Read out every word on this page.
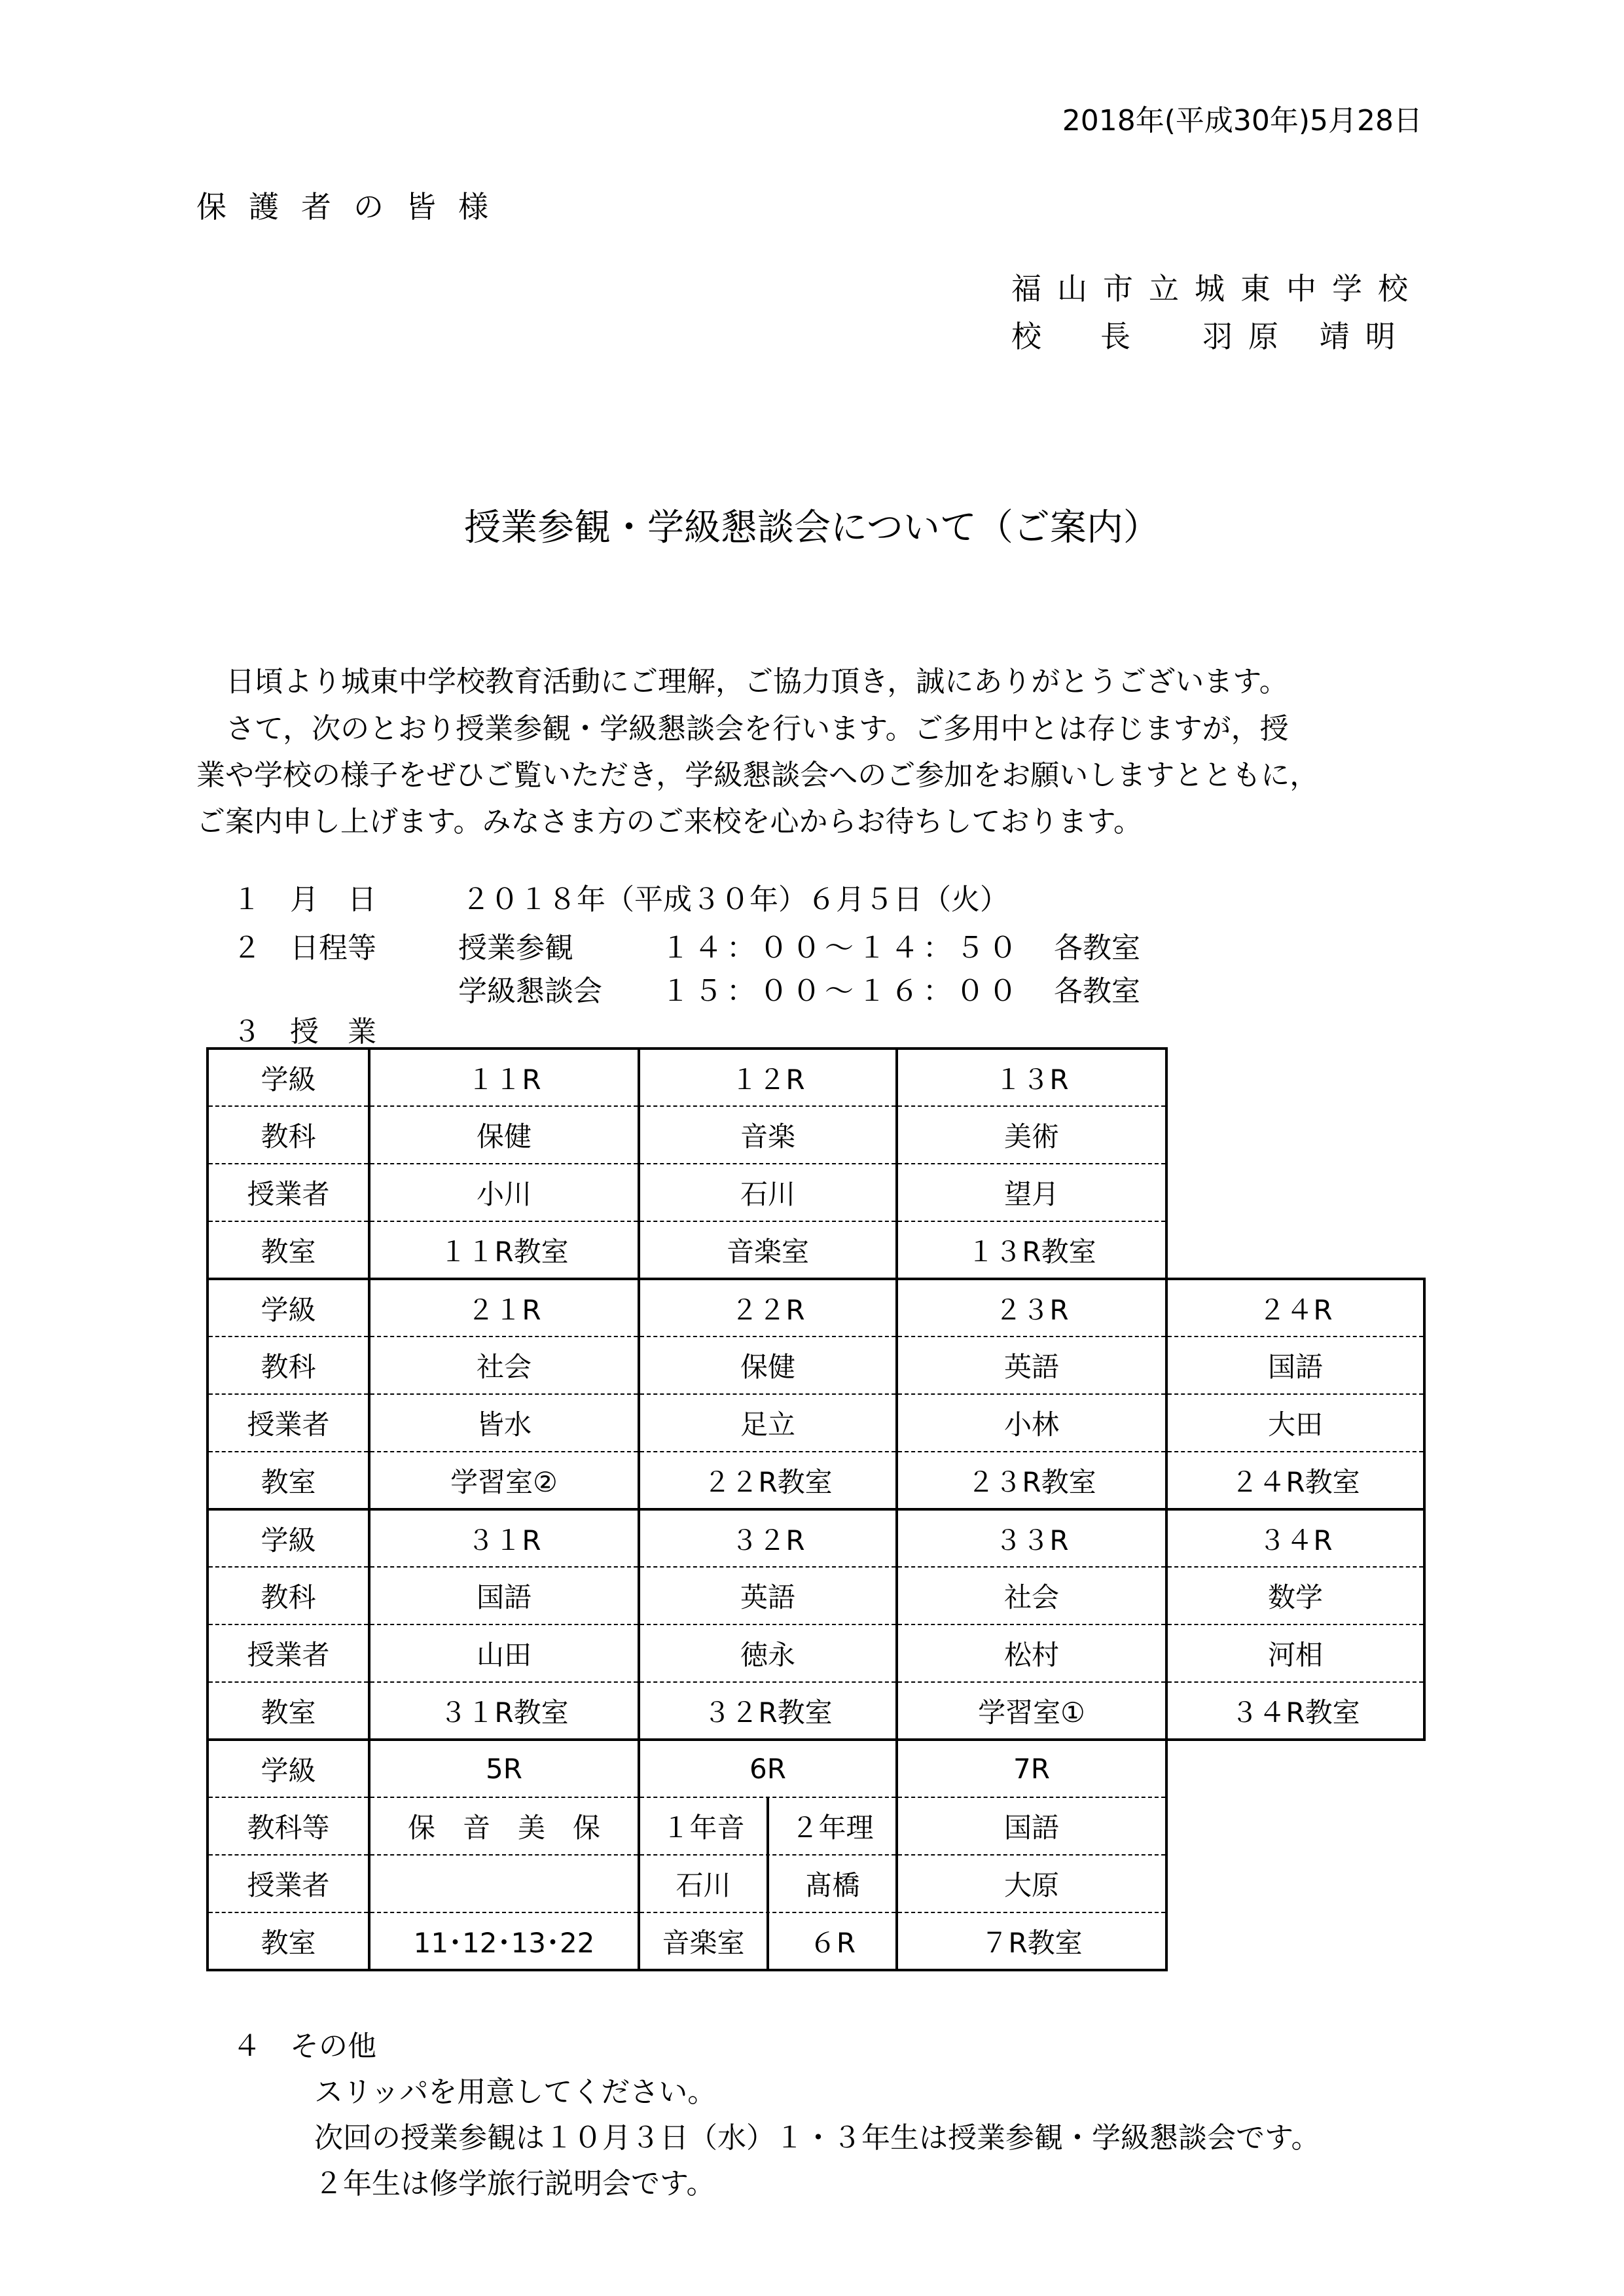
2018年(平成30年)5月28日
保護者の皆様
福山市立城東中学校
校長 羽原 靖明
授業参観・学級懇談会について（ご案内）
日頃より城東中学校教育活動にご理解，ご協力頂き，誠にありがとうございます。
さて，次のとおり授業参観・学級懇談会を行います。ご多用中とは存じますが，授
業や学校の様子をぜひご覧いただき，学級懇談会へのご参加をお願いしますとともに，
ご案内申し上げます。みなさま方のご来校を心からお待ちしております。
１　月　日	２０１８年（平成３０年）６月５日（火）
２　日程等	授業参観	１４：００～１４：５０ 各教室
学級懇談会 １５：００～１６：００ 各教室
３　授　業
学級	１１R	１２R	１３R	
教科	保健	音楽	美術	
授業者	小川	石川	望月	
教室	１１R教室	音楽室	１３R教室	
学級	２１R	２２R	２３R	２４R
教科	社会	保健	英語	国語
授業者	皆水	足立	小林	大田
教室	学習室②	２２R教室	２３R教室	２４R教室
学級	３１R	３２R	３３R	３４R
教科	国語	英語	社会	数学
授業者	山田	徳永	松村	河相
教室	３１R教室	３２R教室	学習室①	３４R教室
学級	5R	6R	7R	
教科等	保　音　美　保	１年音 ２年理	国語	
授業者		石川 髙橋	大原	
教室	11･12･13･22	音楽室 ６R	７R教室	
４　その他
スリッパを用意してください。
次回の授業参観は１０月３日（水）１・３年生は授業参観・学級懇談会です。
２年生は修学旅行説明会です。
